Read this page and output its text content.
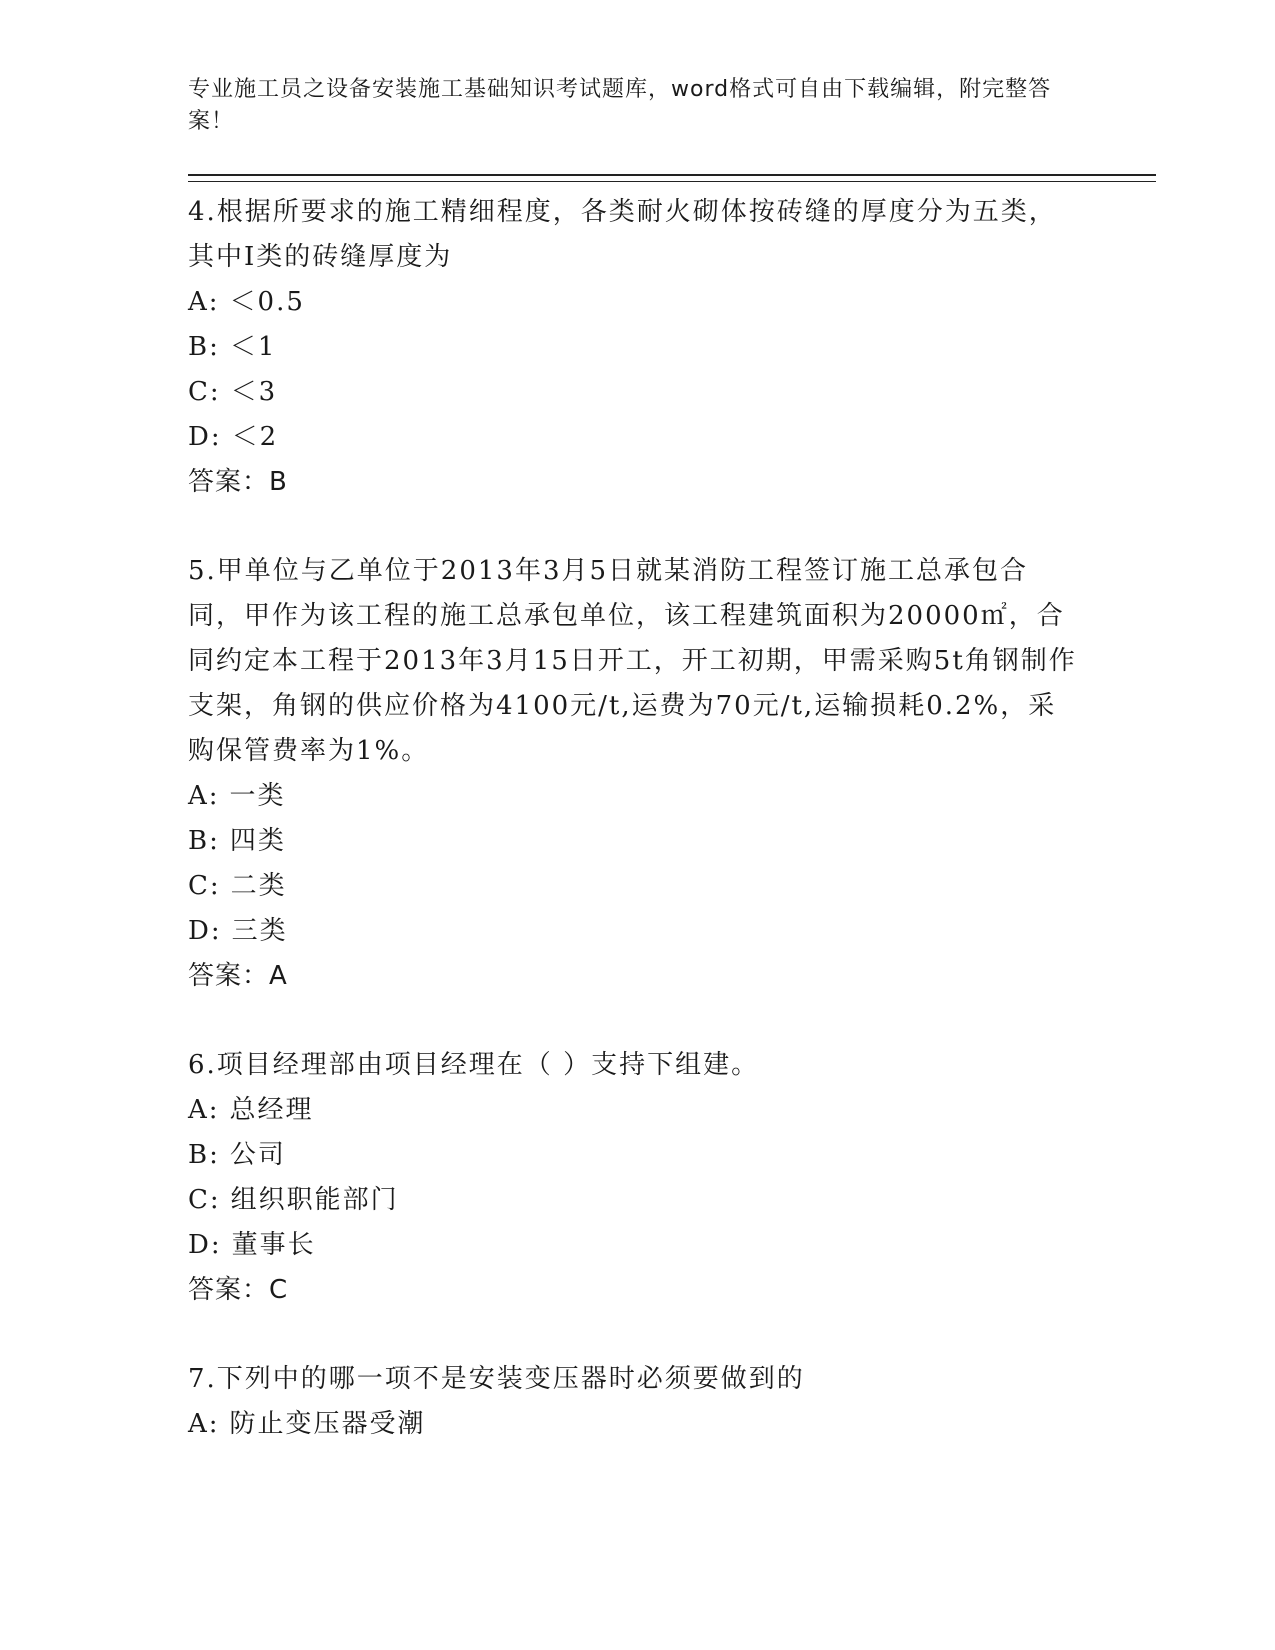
专业施工员之设备安装施工基础知识考试题库，word格式可自由下载编辑，附完整答案！
4.根据所要求的施工精细程度，各类耐火砌体按砖缝的厚度分为五类，其中I类的砖缝厚度为
A: ＜0.5
B: ＜1
C: ＜3
D: ＜2
答案：B
5.甲单位与乙单位于2013年3月5日就某消防工程签订施工总承包合同，甲作为该工程的施工总承包单位，该工程建筑面积为20000㎡，合同约定本工程于2013年3月15日开工，开工初期，甲需采购5t角钢制作支架，角钢的供应价格为4100元/t,运费为70元/t,运输损耗0.2%，采购保管费率为1%。
A: 一类
B: 四类
C: 二类
D: 三类
答案：A
6.项目经理部由项目经理在（ ）支持下组建。
A: 总经理
B: 公司
C: 组织职能部门
D: 董事长
答案：C
7.下列中的哪一项不是安装变压器时必须要做到的
A: 防止变压器受潮
